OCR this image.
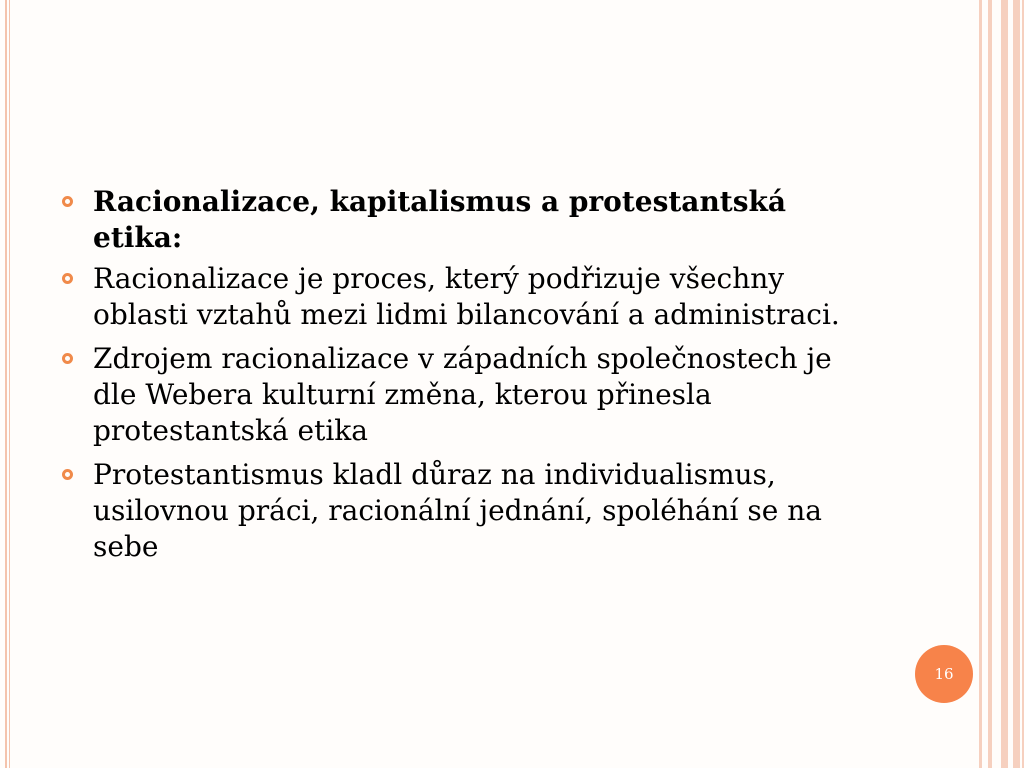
Racionalizace, kapitalismus a protestantská etika:
Racionalizace je proces, který podřizuje všechny oblasti vztahů mezi lidmi bilancování a administraci.
Zdrojem racionalizace v západních společnostech je dle Webera kulturní změna, kterou přinesla protestantská etika
Protestantismus kladl důraz na individualismus, usilovnou práci, racionální jednání, spoléhání se na sebe
16
